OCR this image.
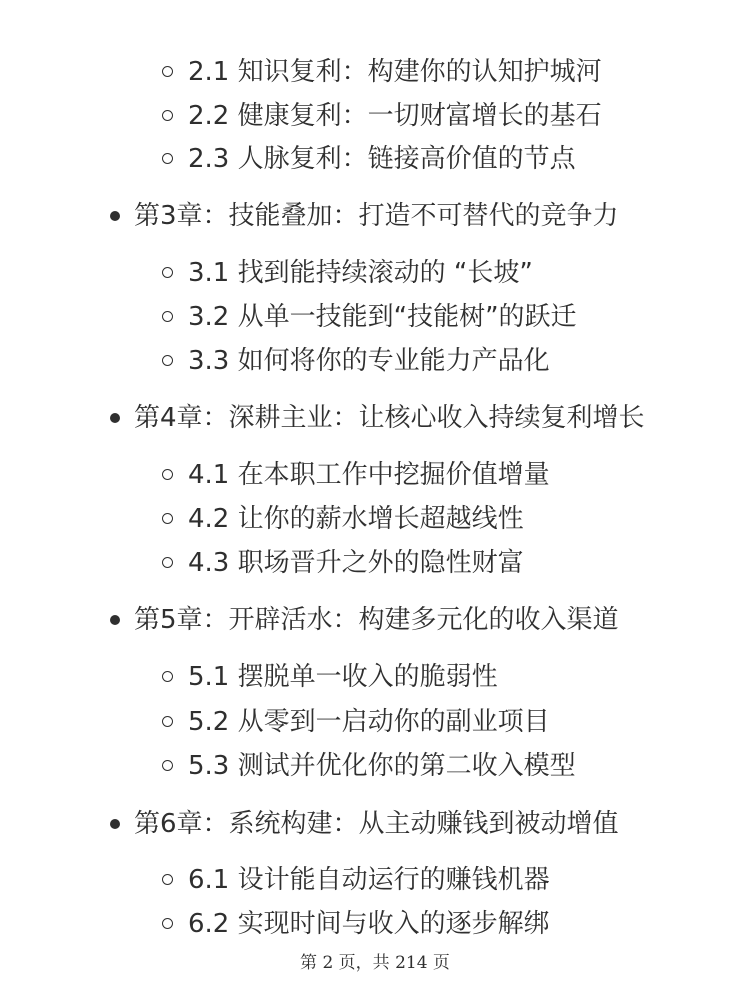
2.1 知识复利：构建你的认知护城河
2.2 健康复利：一切财富增长的基石
2.3 人脉复利：链接高价值的节点
第3章：技能叠加：打造不可替代的竞争力
3.1 找到能持续滚动的 “长坡”
3.2 从单一技能到“技能树”的跃迁
3.3 如何将你的专业能力产品化
第4章：深耕主业：让核心收入持续复利增长
4.1 在本职工作中挖掘价值增量
4.2 让你的薪水增长超越线性
4.3 职场晋升之外的隐性财富
第5章：开辟活水：构建多元化的收入渠道
5.1 摆脱单一收入的脆弱性
5.2 从零到一启动你的副业项目
5.3 测试并优化你的第二收入模型
第6章：系统构建：从主动赚钱到被动增值
6.1 设计能自动运行的赚钱机器
6.2 实现时间与收入的逐步解绑
第 2 页，共 214 页
